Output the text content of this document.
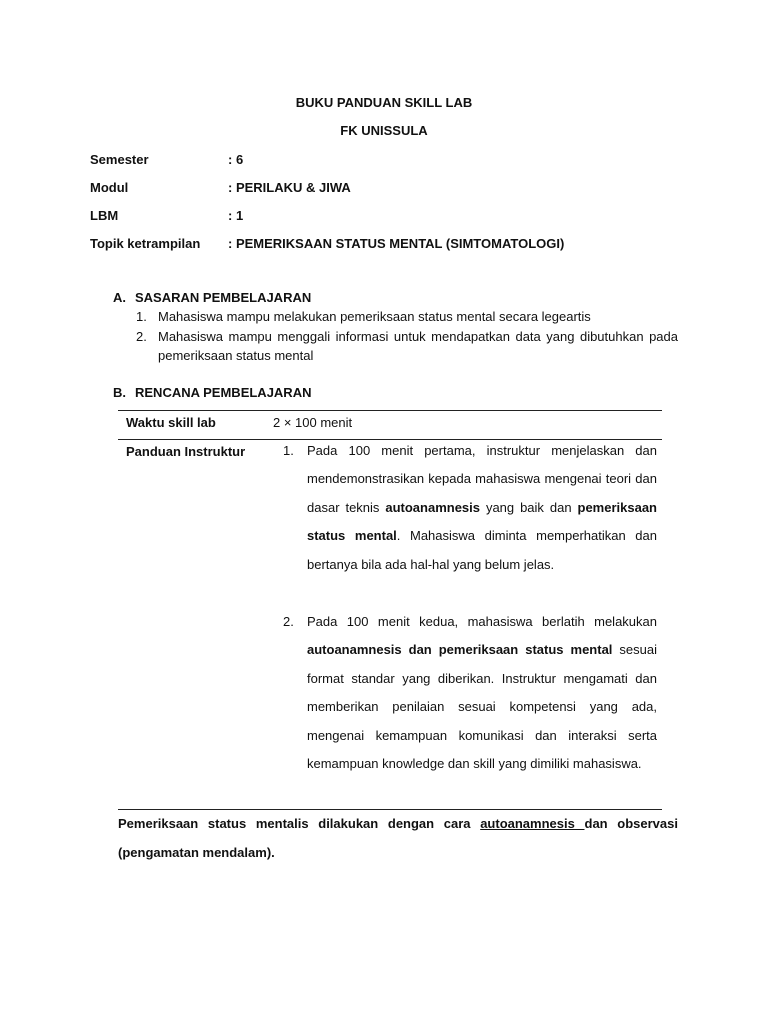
BUKU PANDUAN SKILL LAB
FK UNISSULA
Semester	: 6
Modul	: PERILAKU & JIWA
LBM	: 1
Topik ketrampilan : PEMERIKSAAN STATUS MENTAL (SIMTOMATOLOGI)
A. SASARAN PEMBELAJARAN
1. Mahasiswa mampu melakukan pemeriksaan status mental secara legeartis
2. Mahasiswa mampu menggali informasi untuk mendapatkan data yang dibutuhkan pada pemeriksaan status mental
B. RENCANA PEMBELAJARAN
Waktu skill lab	2 × 100 menit
Panduan Instruktur	1. Pada 100 menit pertama, instruktur menjelaskan dan mendemonstrasikan kepada mahasiswa mengenai teori dan dasar teknis autoanamnesis yang baik dan pemeriksaan status mental. Mahasiswa diminta memperhatikan dan bertanya bila ada hal-hal yang belum jelas.
2. Pada 100 menit kedua, mahasiswa berlatih melakukan autoanamnesis dan pemeriksaan status mental sesuai format standar yang diberikan. Instruktur mengamati dan memberikan penilaian sesuai kompetensi yang ada, mengenai kemampuan komunikasi dan interaksi serta kemampuan knowledge dan skill yang dimiliki mahasiswa.
Pemeriksaan status mentalis dilakukan dengan cara autoanamnesis dan observasi (pengamatan mendalam).
